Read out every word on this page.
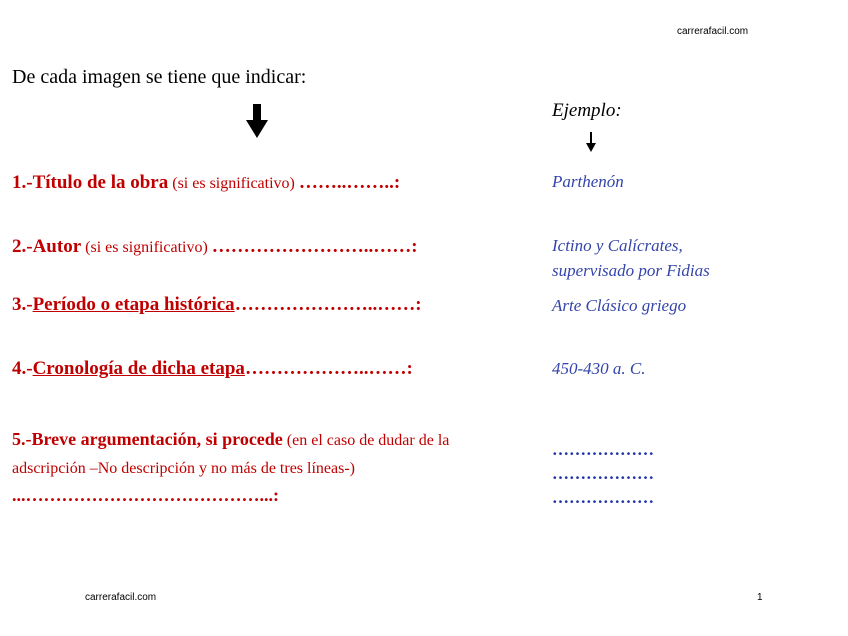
carrerafacil.com
De cada imagen se tiene que indicar:
Ejemplo:
1.-Título de la obra (si es significativo) ……..……..:	Parthenón
2.-Autor (si es significativo) ……………………..……:	Ictino y Calícrates,
supervisado por Fidias
3.-Período o etapa histórica…………………..……:	Arte Clásico griego
4.-Cronología de dicha etapa………………..……:	450-430 a. C.
5.-Breve argumentación, si procede (en el caso de dudar de la adscripción –No descripción y no más de tres líneas-) ...…………………………………...:
………………
………………
………………
carrerafacil.com	1
